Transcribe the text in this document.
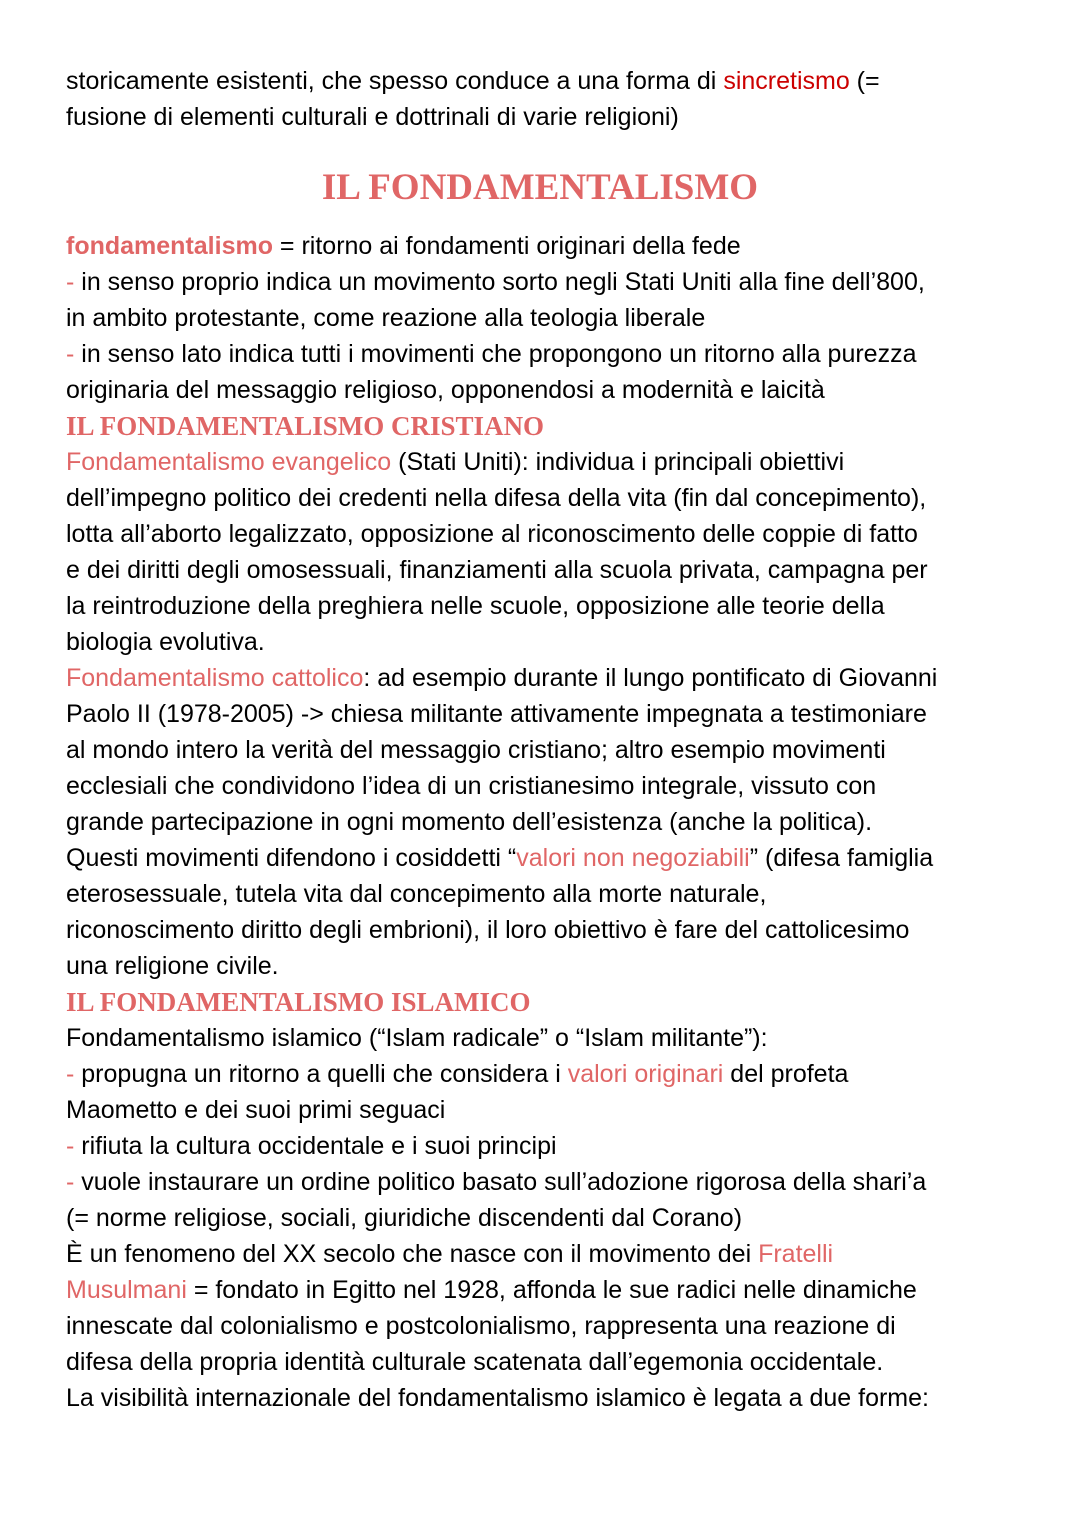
storicamente esistenti, che spesso conduce a una forma di sincretismo (=
fusione di elementi culturali e dottrinali di varie religioni)
IL FONDAMENTALISMO
fondamentalismo = ritorno ai fondamenti originari della fede
- in senso proprio indica un movimento sorto negli Stati Uniti alla fine dell’800,
in ambito protestante, come reazione alla teologia liberale
- in senso lato indica tutti i movimenti che propongono un ritorno alla purezza
originaria del messaggio religioso, opponendosi a modernità e laicità
IL FONDAMENTALISMO CRISTIANO
Fondamentalismo evangelico (Stati Uniti): individua i principali obiettivi
dell’impegno politico dei credenti nella difesa della vita (fin dal concepimento),
lotta all’aborto legalizzato, opposizione al riconoscimento delle coppie di fatto
e dei diritti degli omosessuali, finanziamenti alla scuola privata, campagna per
la reintroduzione della preghiera nelle scuole, opposizione alle teorie della
biologia evolutiva.
Fondamentalismo cattolico: ad esempio durante il lungo pontificato di Giovanni
Paolo II (1978-2005) -> chiesa militante attivamente impegnata a testimoniare
al mondo intero la verità del messaggio cristiano; altro esempio movimenti
ecclesiali che condividono l’idea di un cristianesimo integrale, vissuto con
grande partecipazione in ogni momento dell’esistenza (anche la politica).
Questi movimenti difendono i cosiddetti “valori non negoziabili” (difesa famiglia
eterosessuale, tutela vita dal concepimento alla morte naturale,
riconoscimento diritto degli embrioni), il loro obiettivo è fare del cattolicesimo
una religione civile.
IL FONDAMENTALISMO ISLAMICO
Fondamentalismo islamico (“Islam radicale” o “Islam militante”):
- propugna un ritorno a quelli che considera i valori originari del profeta
Maometto e dei suoi primi seguaci
- rifiuta la cultura occidentale e i suoi principi
- vuole instaurare un ordine politico basato sull’adozione rigorosa della shari’a
(= norme religiose, sociali, giuridiche discendenti dal Corano)
È un fenomeno del XX secolo che nasce con il movimento dei Fratelli
Musulmani = fondato in Egitto nel 1928, affonda le sue radici nelle dinamiche
innescate dal colonialismo e postcolonialismo, rappresenta una reazione di
difesa della propria identità culturale scatenata dall’egemonia occidentale.
La visibilità internazionale del fondamentalismo islamico è legata a due forme:
